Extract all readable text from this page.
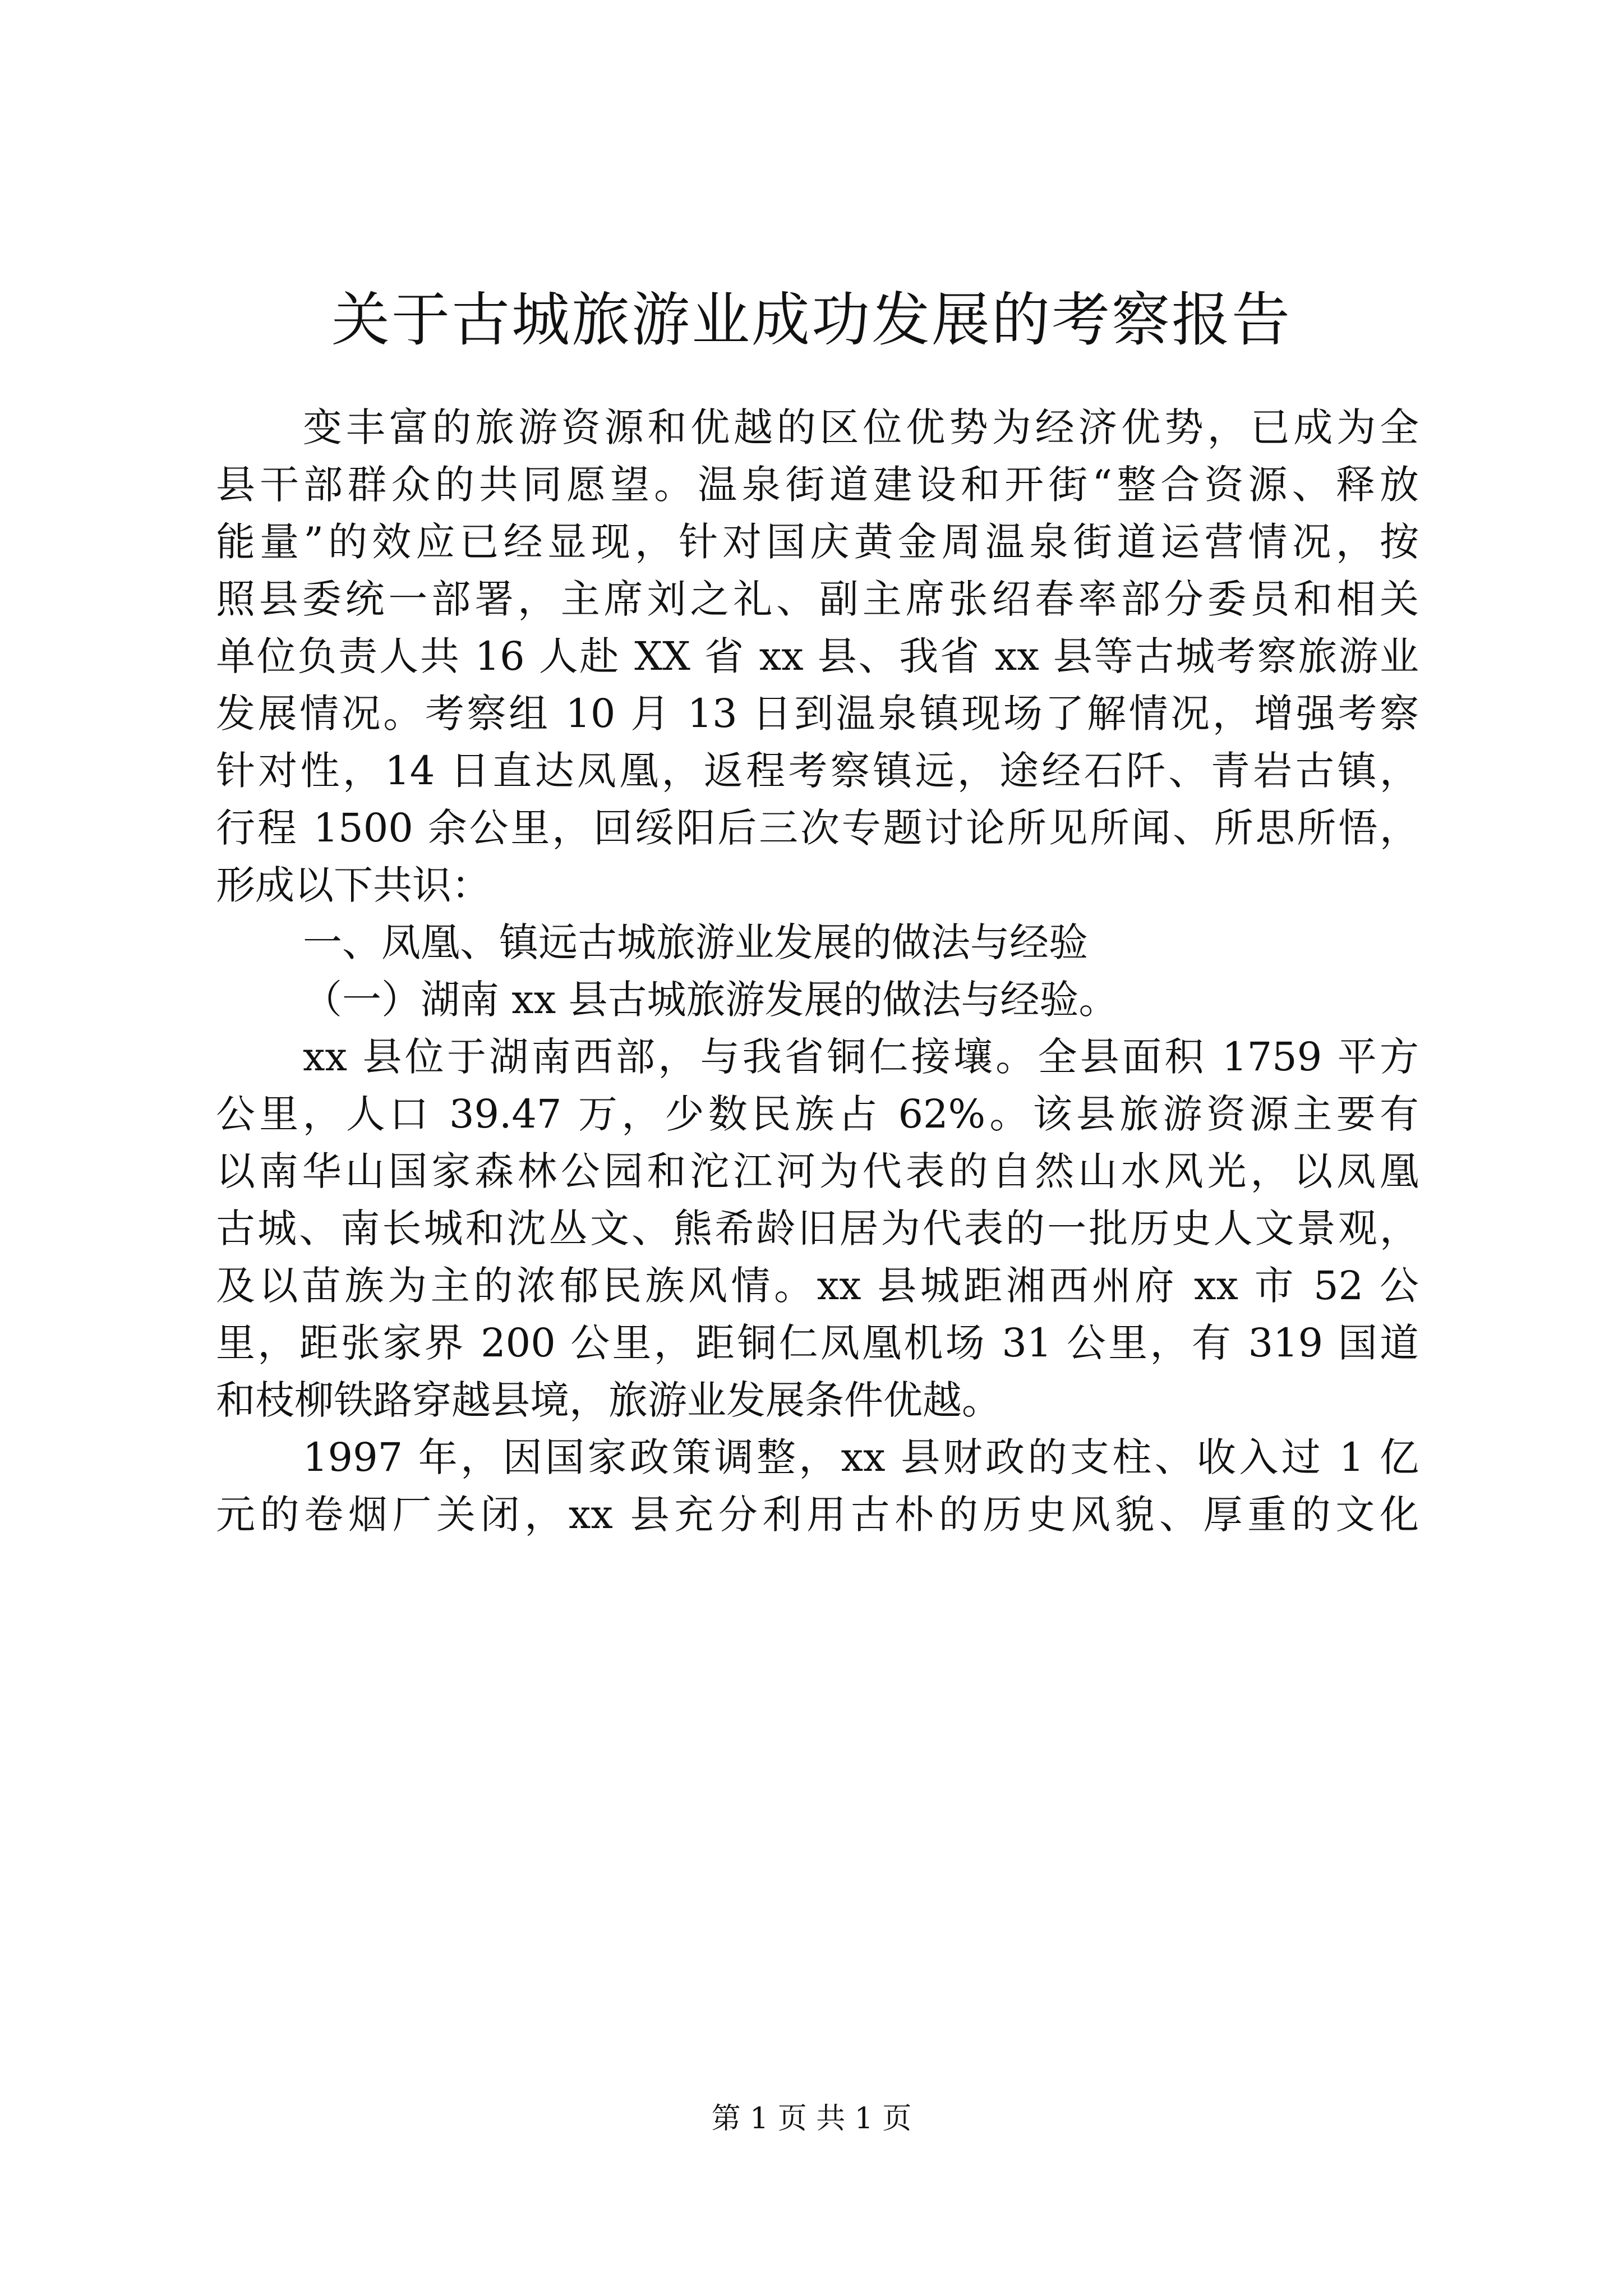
关于古城旅游业成功发展的考察报告

变丰富的旅游资源和优越的区位优势为经济优势，已成为全

县干部群众的共同愿望。温泉街道建设和开街“整合资源、释放

能量”的效应已经显现，针对国庆黄金周温泉街道运营情况，按

照县委统一部署，主席刘之礼、副主席张绍春率部分委员和相关

单位负责人共 16 人赴 XX 省 xx 县、我省 xx 县等古城考察旅游业

发展情况。考察组 10 月 13 日到温泉镇现场了解情况，增强考察

针对性，14 日直达凤凰，返程考察镇远，途经石阡、青岩古镇，

行程 1500 余公里，回绥阳后三次专题讨论所见所闻、所思所悟，

形成以下共识：

一、凤凰、镇远古城旅游业发展的做法与经验

（一）湖南 xx 县古城旅游发展的做法与经验。

xx 县位于湖南西部，与我省铜仁接壤。全县面积 1759 平方

公里，人口 39.47 万，少数民族占 62%。该县旅游资源主要有

以南华山国家森林公园和沱江河为代表的自然山水风光，以凤凰

古城、南长城和沈丛文、熊希龄旧居为代表的一批历史人文景观，

及以苗族为主的浓郁民族风情。xx 县城距湘西州府 xx 市 52 公

里，距张家界 200 公里，距铜仁凤凰机场 31 公里，有 319 国道

和枝柳铁路穿越县境，旅游业发展条件优越。

1997 年，因国家政策调整，xx 县财政的支柱、收入过 1 亿

元的卷烟厂关闭，xx 县充分利用古朴的历史风貌、厚重的文化

第 1 页 共 1 页
